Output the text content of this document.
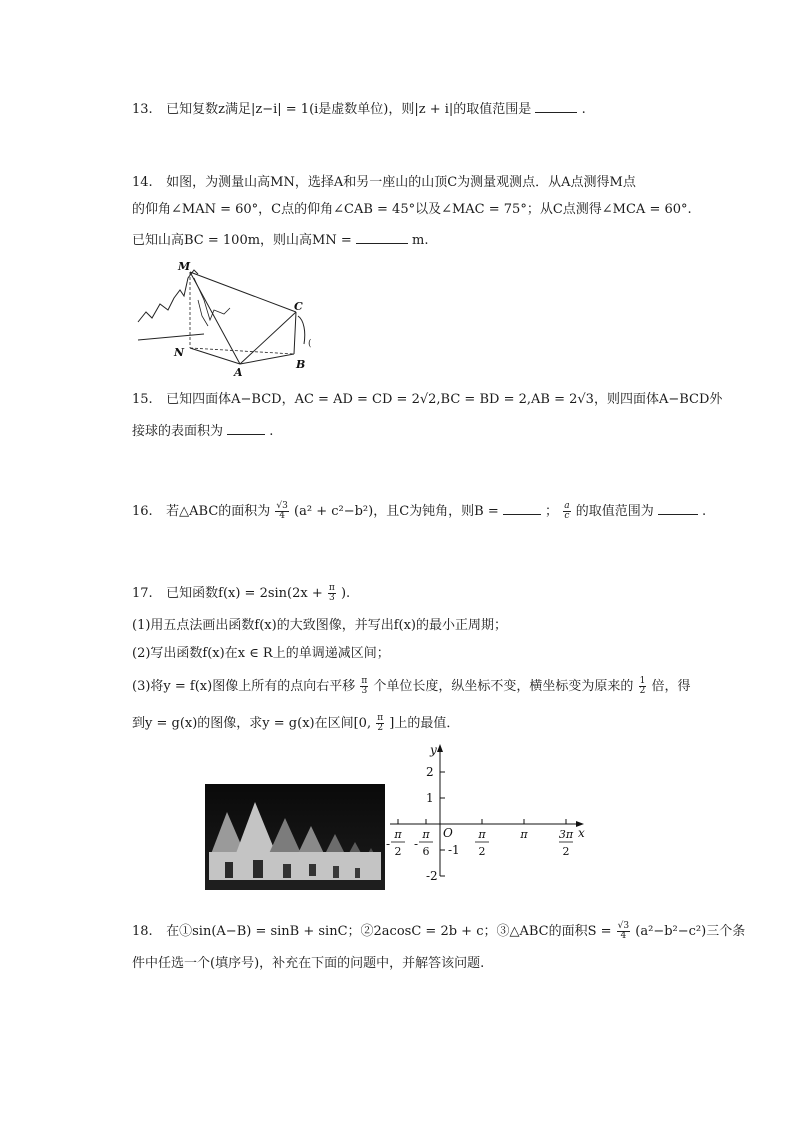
13. 已知复数z满足|z−i| = 1(i是虚数单位)，则|z + i|的取值范围是	.
14. 如图，为测量山高MN，选择A和另一座山的山顶C为测量观测点．从A点测得M点
的仰角∠MAN = 60°，C点的仰角∠CAB = 45°以及∠MAC = 75°；从C点测得∠MCA = 60°.
已知山高BC = 100m，则山高MN =	m.
(
M
N
A
B
C
15. 已知四面体A−BCD，AC = AD = CD = 2√2,BC = BD = 2,AB = 2√3，则四面体A−BCD外
接球的表面积为	.
16. 若△ABC的面积为 $\frac{√3}{4} (a^2 + c^2-b^2)$，且C为钝角，则B =	； $\frac{a}{c}$ 的取值范围为	.
17. 已知函数$f(x) = 2\sin(2x + \frac{\pi}{3}$ ).
(1)用五点法画出函数f(x)的大致图像，并写出f(x)的最小正周期；
(2)写出函数f(x)在x ∈ R上的单调递减区间；
(3)将y = f(x)图像上所有的点向右平移 $\frac{\pi}{3}$ 个单位长度，纵坐标不变，横坐标变为原来的 $\frac{1}{2}$ 倍，得
到y = g(x)的图像，求y = g(x)在区间[0, $\frac{\pi}{2}$ ]上的最值．
y
x
O
2
1
-1
-2
-
π
2
-
π
6
π
2
π	3π
2
18. 在①sin(A−B) = sinB + sinC；②2acosC = 2b + c；③△ABC的面积$S = \frac{√3}{4} (a^2-b^2-c^2)$三个条
件中任选一个(填序号)，补充在下面的问题中，并解答该问题.
